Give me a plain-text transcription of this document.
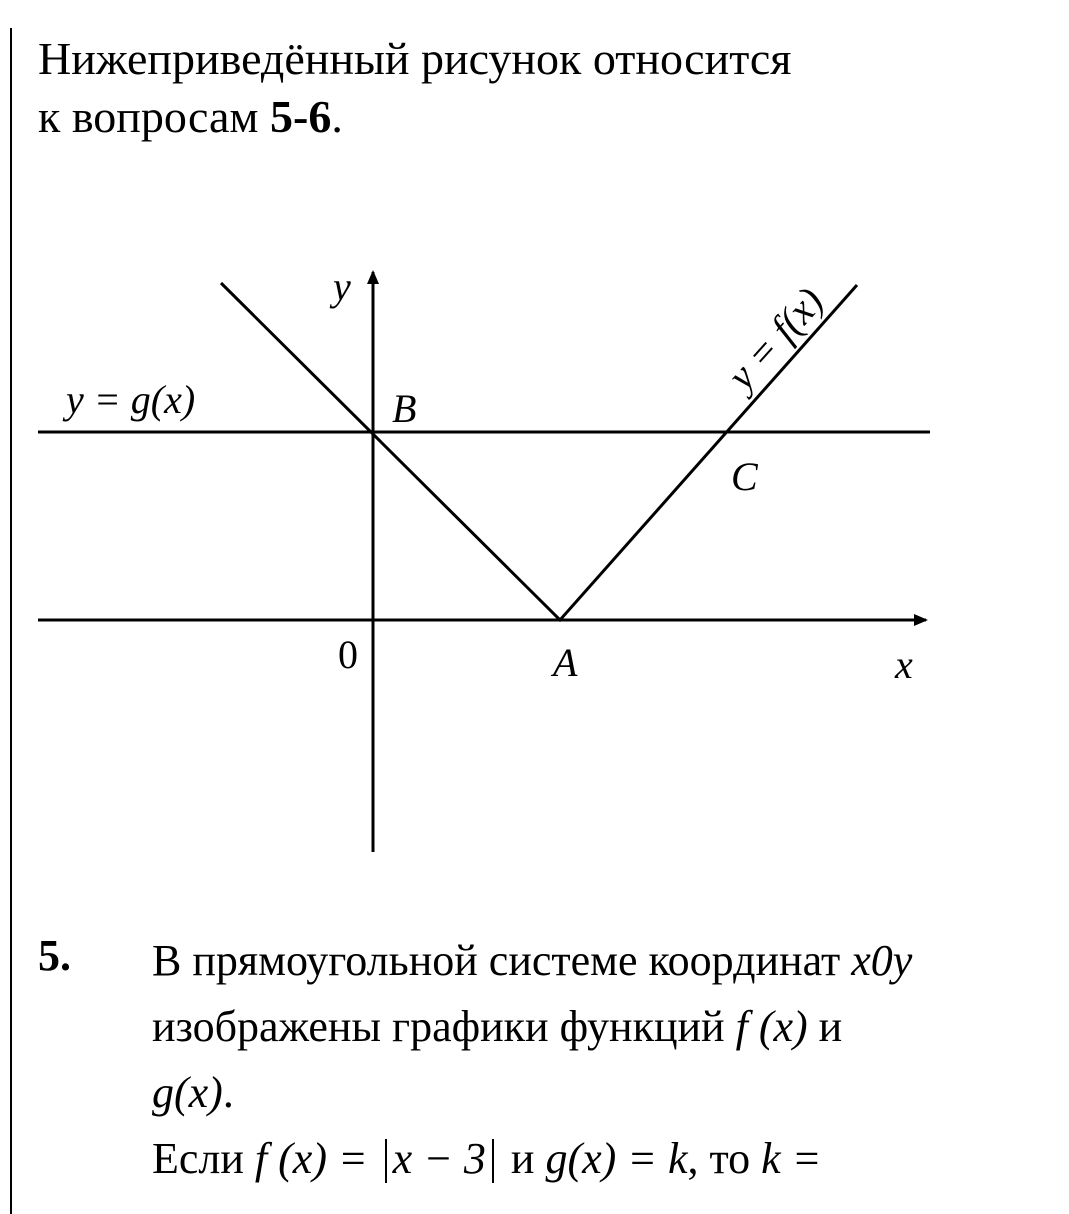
Нижеприведённый рисунок относится
к вопросам 5-6.
y = g(x)
y
B
C
A	x
0
y = f(x)
5. В прямоугольной системе координат x0y
изображены графики функций f (x) и
g(x).
Если f (x) = x − 3 и g(x) = k, то k =
